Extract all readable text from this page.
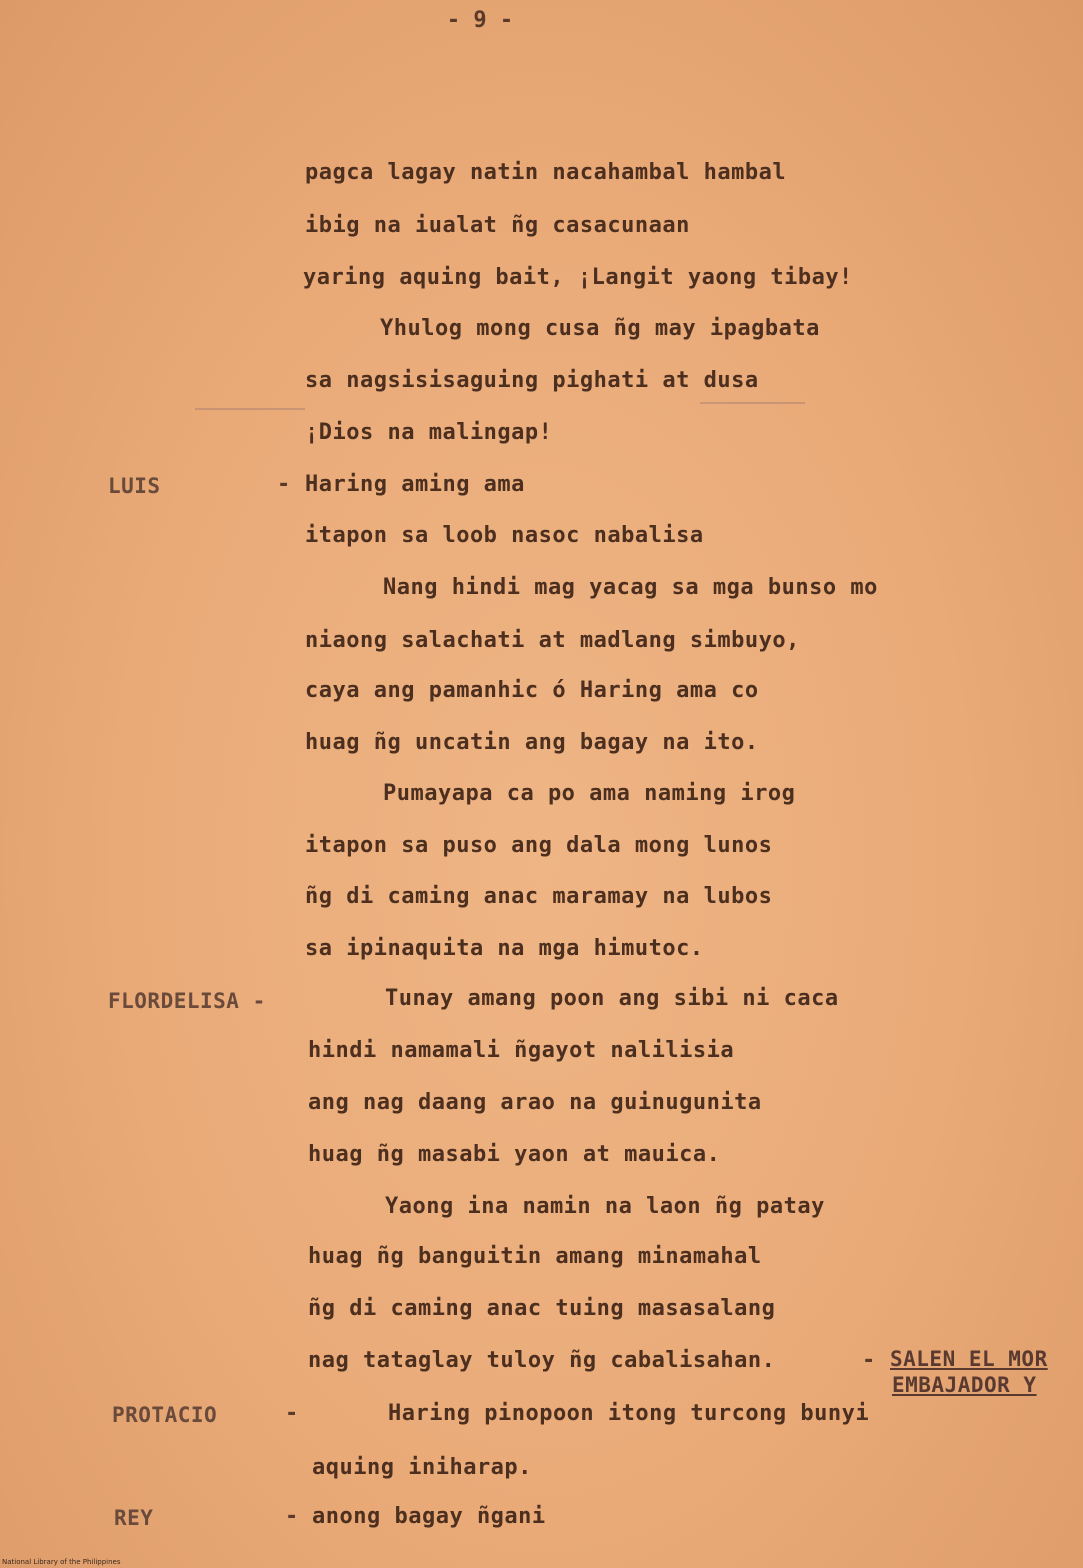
- 9 -
pagca lagay natin nacahambal hambal
ibig na iualat ñg casacunaan
yaring aquing bait, ¡Langit yaong tibay!
Yhulog mong cusa ñg may ipagbata
sa nagsisisaguing pighati at dusa
¡Dios na malingap!
LUIS	- Haring aming ama
itapon sa loob nasoc nabalisa
Nang hindi mag yacag sa mga bunso mo
niaong salachati at madlang simbuyo,
caya ang pamanhic ó Haring ama co
huag ñg uncatin ang bagay na ito.
Pumayapa ca po ama naming irog
itapon sa puso ang dala mong lunos
ñg di caming anac maramay na lubos
sa ipinaquita na mga himutoc.
FLORDELISA -	Tunay amang poon ang sibi ni caca
hindi namamali ñgayot nalilisia
ang nag daang arao na guinugunita
huag ñg masabi yaon at mauica.
Yaong ina namin na laon ñg patay
huag ñg banguitin amang minamahal
ñg di caming anac tuing masasalang
nag tataglay tuloy ñg cabalisahan.	- SALEN EL MOR
EMBAJADOR Y
PROTACIO	-	Haring pinopoon itong turcong bunyi
aquing iniharap.
REY	- anong bagay ñgani
National Library of the Philippines
